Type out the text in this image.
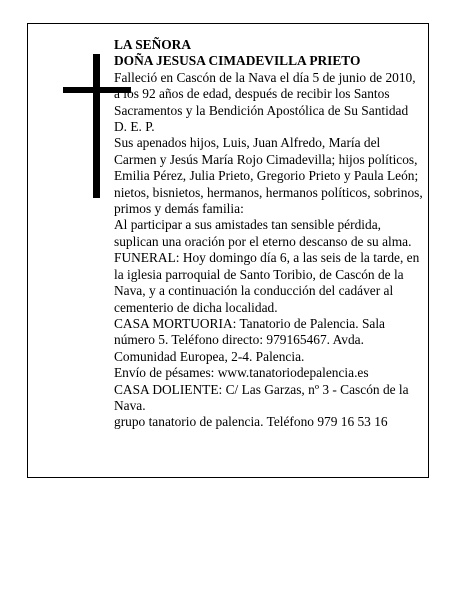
LA SEÑORA

DOÑA JESUSA CIMADEVILLA PRIETO

Falleció en Cascón de la Nava el día 5 de junio de 2010, a los 92 años de edad, después de recibir los Santos Sacramentos y la Bendición Apostólica de Su Santidad

D. E. P.

Sus apenados hijos, Luis, Juan Alfredo, María del Carmen y Jesús María Rojo Cimadevilla; hijos políticos, Emilia Pérez, Julia Prieto, Gregorio Prieto y Paula León; nietos, bisnietos, hermanos, hermanos políticos, sobrinos, primos y demás familia:

Al participar a sus amistades tan sensible pérdida, suplican una oración por el eterno descanso de su alma.

FUNERAL: Hoy domingo día 6, a las seis de la tarde, en la iglesia parroquial de Santo Toribio, de Cascón de la Nava, y a continuación la conducción del cadáver al cementerio de dicha localidad.

CASA MORTUORIA: Tanatorio de Palencia. Sala número 5. Teléfono directo: 979165467. Avda. Comunidad Europea, 2-4. Palencia.

Envío de pésames: www.tanatoriodepalencia.es

CASA DOLIENTE: C/ Las Garzas, nº 3 - Cascón de la Nava.

grupo tanatorio de palencia. Teléfono 979 16 53 16
